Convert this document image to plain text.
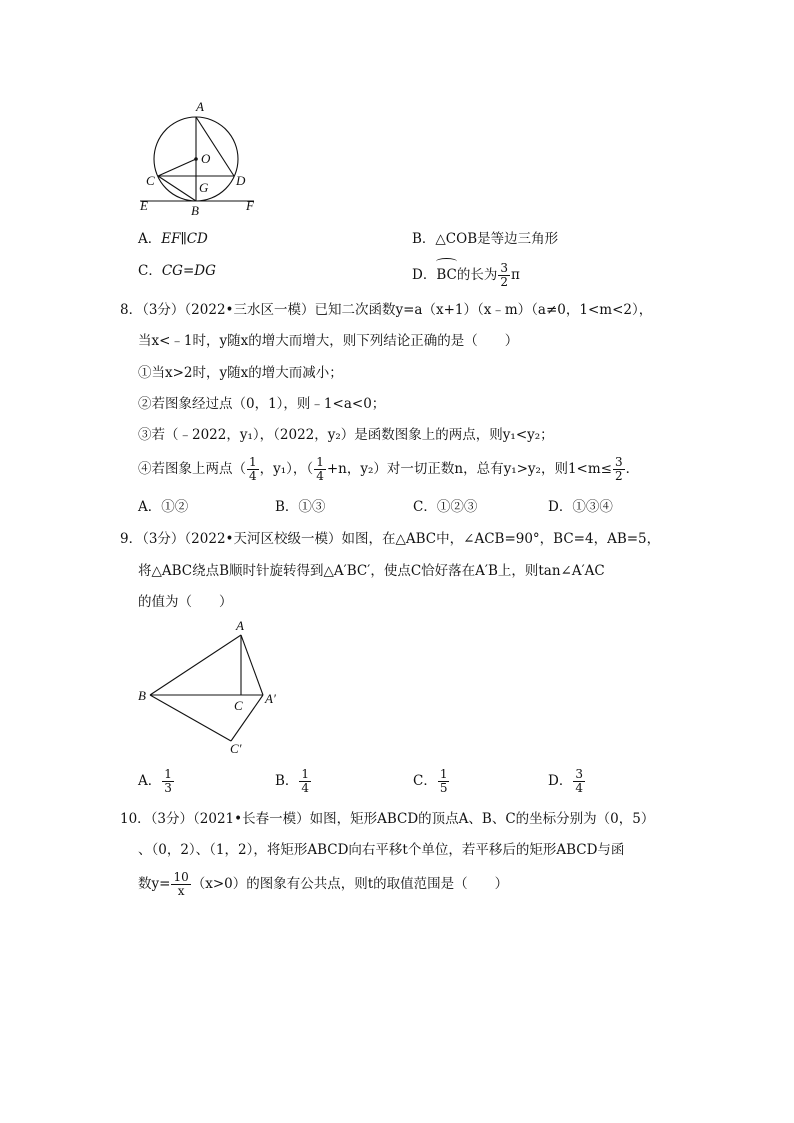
A
O
C	G D
E	B	F
A．EF∥CD	B．△COB是等边三角形
C．CG=DG	D．BC的长为 $\frac{3}{2}$ π
8．（3分）（2022•三水区一模）已知二次函数y=a（x+1）（x﹣m）（a≠0，1<m<2），
当x<﹣1时，y随x的增大而增大，则下列结论正确的是（　　）
①当x>2时，y随x的增大而减小；
②若图象经过点（0，1），则﹣1<a<0；
③若（﹣2022，y₁），（2022，y₂）是函数图象上的两点，则y₁<y₂；
④若图象上两点（ $\frac{1}{4}$ ，y₁），（ $\frac{1}{4} +n$，y₂）对一切正数n，总有y₁>y₂，则$1<m\le \frac{3}{2}$ ．
A．①②	B．①③	C．①②③	D．①③④
9．（3分）（2022•天河区校级一模）如图，在△ABC中，∠ACB=90°，BC=4，AB=5，
将△ABC绕点B顺时针旋转得到△A′BC′，使点C恰好落在A′B上，则tan∠A′AC
的值为（　　）
A
B
C A′
C′
A． $\frac{1}{3}$	B． $\frac{1}{4}$	C． $\frac{1}{5}$	D． $\frac{3}{4}$
10．（3分）（2021•长春一模）如图，矩形ABCD的顶点A、B、C的坐标分别为（0，5）
、（0，2）、（1，2），将矩形ABCD向右平移t个单位，若平移后的矩形ABCD与函
数$y= \frac{10}{x} (x>0)$的图象有公共点，则t的取值范围是（　　）
